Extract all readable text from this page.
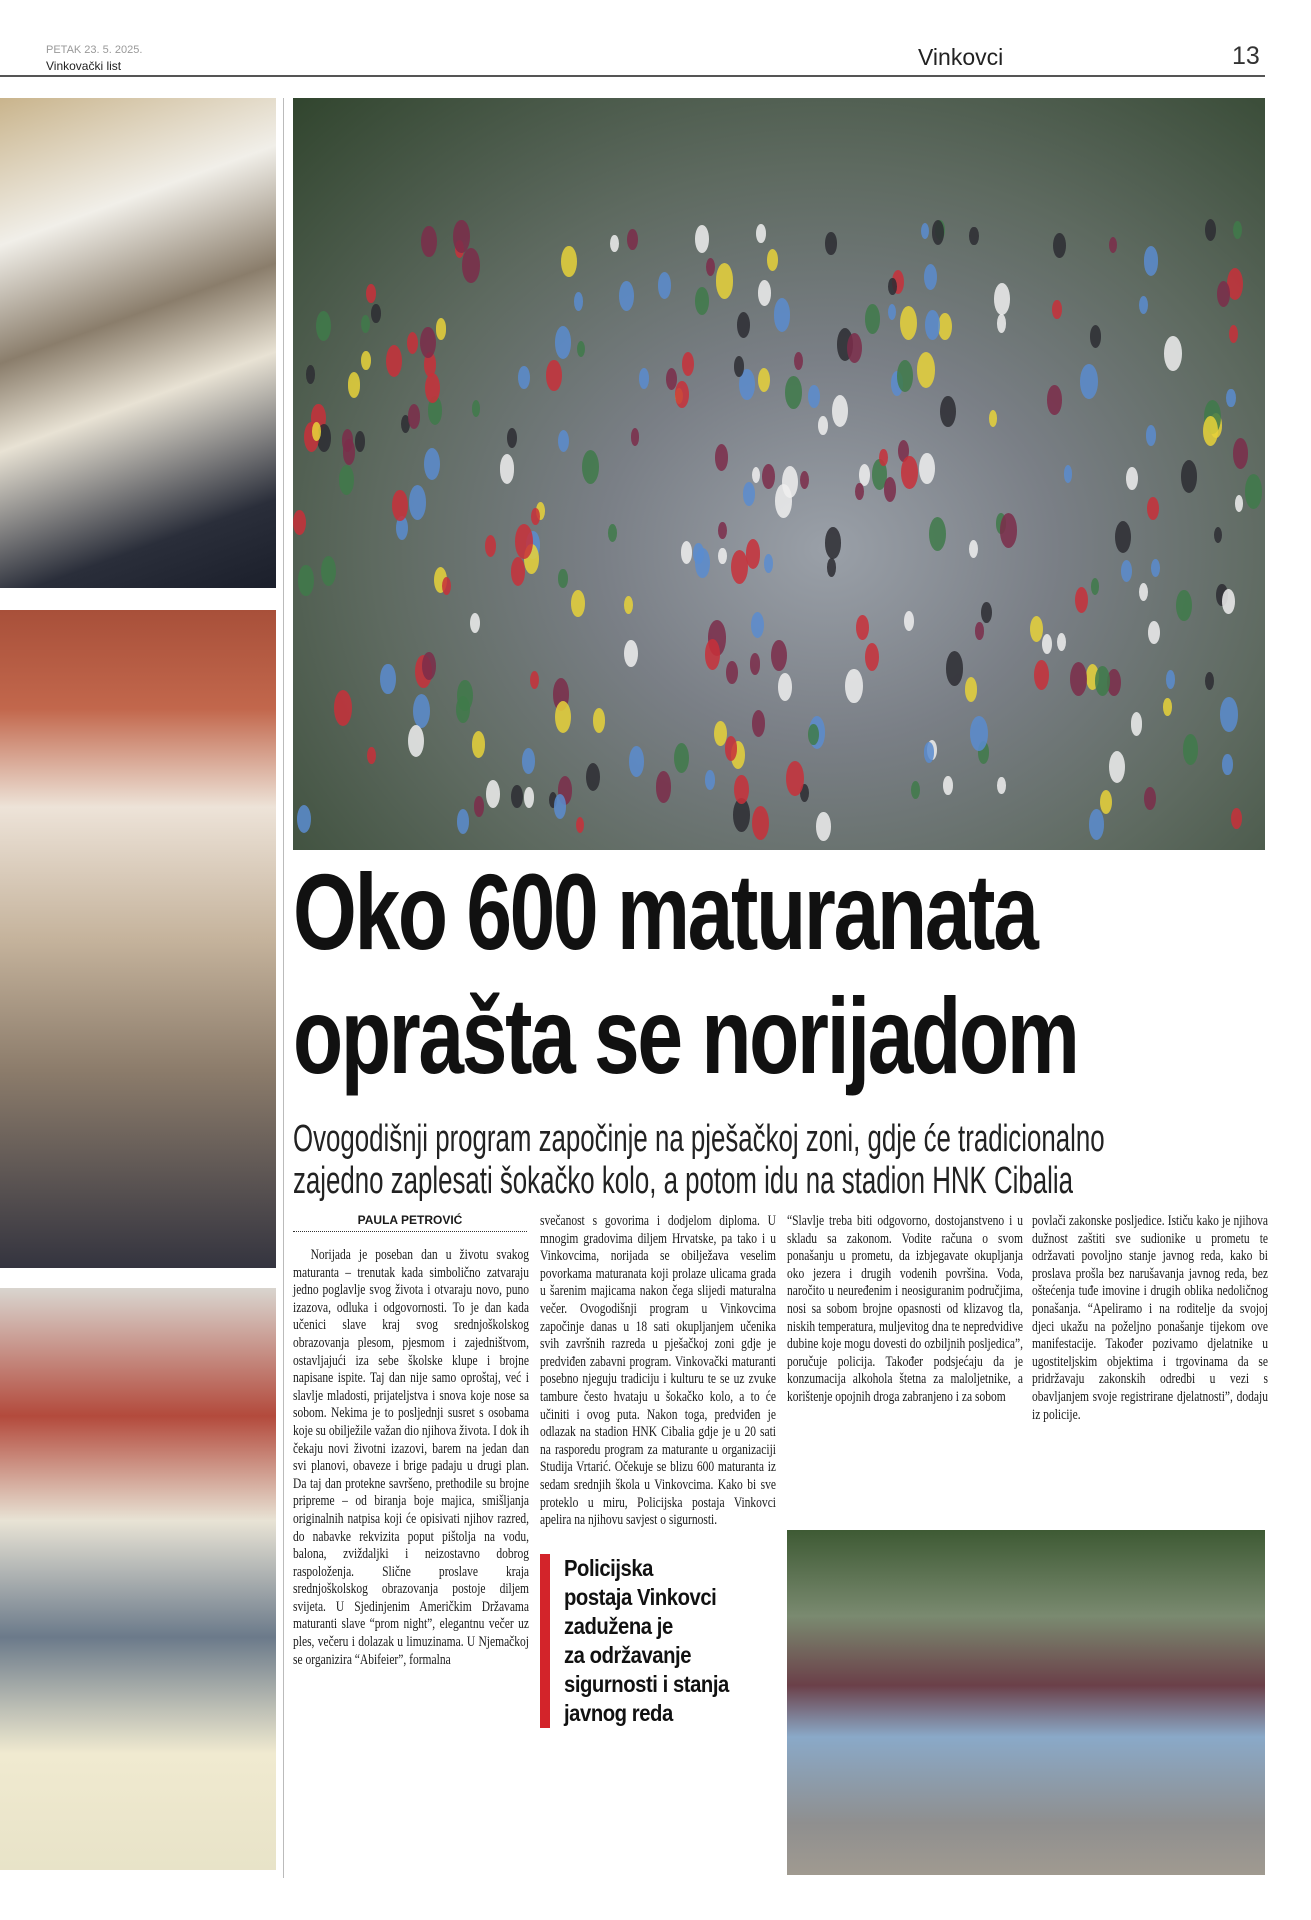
PETAK 23. 5. 2025.
Vinkovački list	Vinkovci	13
Oko 600 maturanata
oprašta se norijadom
Ovogodišnji program započinje na pješačkoj zoni, gdje će tradicionalno
zajedno zaplesati šokačko kolo, a potom idu na stadion HNK Cibalia
PAULA PETROVIĆ

Norijada je poseban dan u životu svakog maturanta – trenutak kada simbolično zatvaraju jedno poglavlje svog života i otvaraju novo, puno izazova, odluka i odgovornosti. To je dan kada učenici slave kraj svog srednjoškolskog obrazovanja plesom, pjesmom i zajedništvom, ostavljajući iza sebe školske klupe i brojne napisane ispite. Taj dan nije samo oproštaj, već i slavlje mladosti, prijateljstva i snova koje nose sa sobom. Nekima je to posljednji susret s osobama koje su obilježile važan dio njihova života. I dok ih čekaju novi životni izazovi, barem na jedan dan svi planovi, obaveze i brige padaju u drugi plan. Da taj dan protekne savršeno, prethodile su brojne pripreme – od biranja boje majica, smišljanja originalnih natpisa koji će opisivati njihov razred, do nabavke rekvizita poput pištolja na vodu, balona, zviždaljki i neizostavno dobrog raspoloženja. Slične proslave kraja srednjoškolskog obrazovanja postoje diljem svijeta. U Sjedinjenim Američkim Državama maturanti slave “prom night”, elegantnu večer uz ples, večeru i dolazak u limuzinama. U Njemačkoj se organizira “Abifeier”, formalna

svečanost s govorima i dodjelom diploma. U mnogim gradovima diljem Hrvatske, pa tako i u Vinkovcima, norijada se obilježava veselim povorkama maturanata koji prolaze ulicama grada u šarenim majicama nakon čega slijedi maturalna večer. Ovogodišnji program u Vinkovcima započinje danas u 18 sati okupljanjem učenika svih završnih razreda u pješačkoj zoni gdje je predviđen zabavni program. Vinkovački maturanti posebno njeguju tradiciju i kulturu te se uz zvuke tambure često hvataju u šokačko kolo, a to će učiniti i ovog puta. Nakon toga, predviđen je odlazak na stadion HNK Cibalia gdje je u 20 sati na rasporedu program za maturante u organizaciji Studija Vrtarić. Očekuje se blizu 600 maturanta iz sedam srednjih škola u Vinkovcima. Kako bi sve proteklo u miru, Policijska postaja Vinkovci apelira na njihovu savjest o sigurnosti.

Policijska
postaja Vinkovci
zadužena je
za održavanje
sigurnosti i stanja
javnog reda

“Slavlje treba biti odgovorno, dostojanstveno i u skladu sa zakonom. Vodite računa o svom ponašanju u prometu, da izbjegavate okupljanja oko jezera i drugih vodenih površina. Voda, naročito u neuređenim i neosiguranim područjima, nosi sa sobom brojne opasnosti od klizavog tla, niskih temperatura, muljevitog dna te nepredvidive dubine koje mogu dovesti do ozbiljnih posljedica”, poručuje policija. Također podsjećaju da je konzumacija alkohola štetna za maloljetnike, a korištenje opojnih droga zabranjeno i za sobom

povlači zakonske posljedice. Ističu kako je njihova dužnost zaštiti sve sudionike u prometu te održavati povoljno stanje javnog reda, kako bi proslava prošla bez narušavanja javnog reda, bez oštećenja tuđe imovine i drugih oblika nedoličnog ponašanja. “Apeliramo i na roditelje da svojoj djeci ukažu na poželjno ponašanje tijekom ove manifestacije. Također pozivamo djelatnike u ugostiteljskim objektima i trgovinama da se pridržavaju zakonskih odredbi u vezi s obavljanjem svoje registrirane djelatnosti”, dodaju iz policije.
